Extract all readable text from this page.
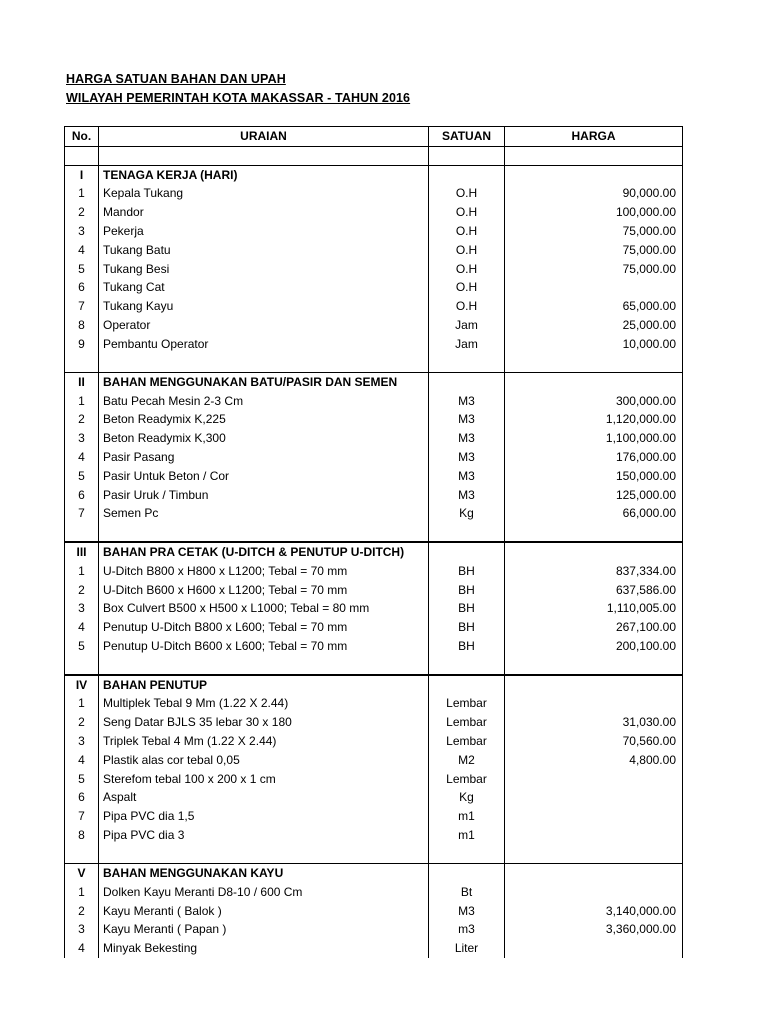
HARGA SATUAN BAHAN DAN UPAH
WILAYAH PEMERINTAH KOTA MAKASSAR - TAHUN 2016
No.	URAIAN	SATUAN	HARGA

I	TENAGA KERJA (HARI)		
1	Kepala Tukang	O.H	90,000.00
2	Mandor	O.H	100,000.00
3	Pekerja	O.H	75,000.00
4	Tukang Batu	O.H	75,000.00
5	Tukang Besi	O.H	75,000.00
6	Tukang Cat	O.H	
7	Tukang Kayu	O.H	65,000.00
8	Operator	Jam	25,000.00
9	Pembantu Operator	Jam	10,000.00

II	BAHAN MENGGUNAKAN BATU/PASIR DAN SEMEN		
1	Batu Pecah Mesin 2-3 Cm	M3	300,000.00
2	Beton Readymix K,225	M3	1,120,000.00
3	Beton Readymix K,300	M3	1,100,000.00
4	Pasir Pasang	M3	176,000.00
5	Pasir Untuk Beton / Cor	M3	150,000.00
6	Pasir Uruk / Timbun	M3	125,000.00
7	Semen Pc	Kg	66,000.00

III	BAHAN PRA CETAK (U-DITCH & PENUTUP U-DITCH)		
1	U-Ditch B800 x H800 x L1200; Tebal = 70 mm	BH	837,334.00
2	U-Ditch B600 x H600 x L1200; Tebal = 70 mm	BH	637,586.00
3	Box Culvert B500 x H500 x L1000; Tebal = 80 mm	BH	1,110,005.00
4	Penutup U-Ditch B800 x L600; Tebal = 70 mm	BH	267,100.00
5	Penutup U-Ditch B600 x L600; Tebal = 70 mm	BH	200,100.00

IV	BAHAN PENUTUP		
1	Multiplek Tebal 9 Mm (1.22 X 2.44)	Lembar	
2	Seng Datar BJLS 35 lebar 30 x 180	Lembar	31,030.00
3	Triplek Tebal 4 Mm (1.22 X 2.44)	Lembar	70,560.00
4	Plastik alas cor tebal 0,05	M2	4,800.00
5	Sterefom tebal 100 x 200 x 1 cm	Lembar	
6	Aspalt	Kg	
7	Pipa PVC dia 1,5	m1	
8	Pipa PVC dia 3	m1	

V	BAHAN MENGGUNAKAN KAYU		
1	Dolken Kayu Meranti D8-10 / 600 Cm	Bt	
2	Kayu Meranti ( Balok )	M3	3,140,000.00
3	Kayu Meranti ( Papan )	m3	3,360,000.00
4	Minyak Bekesting	Liter	
